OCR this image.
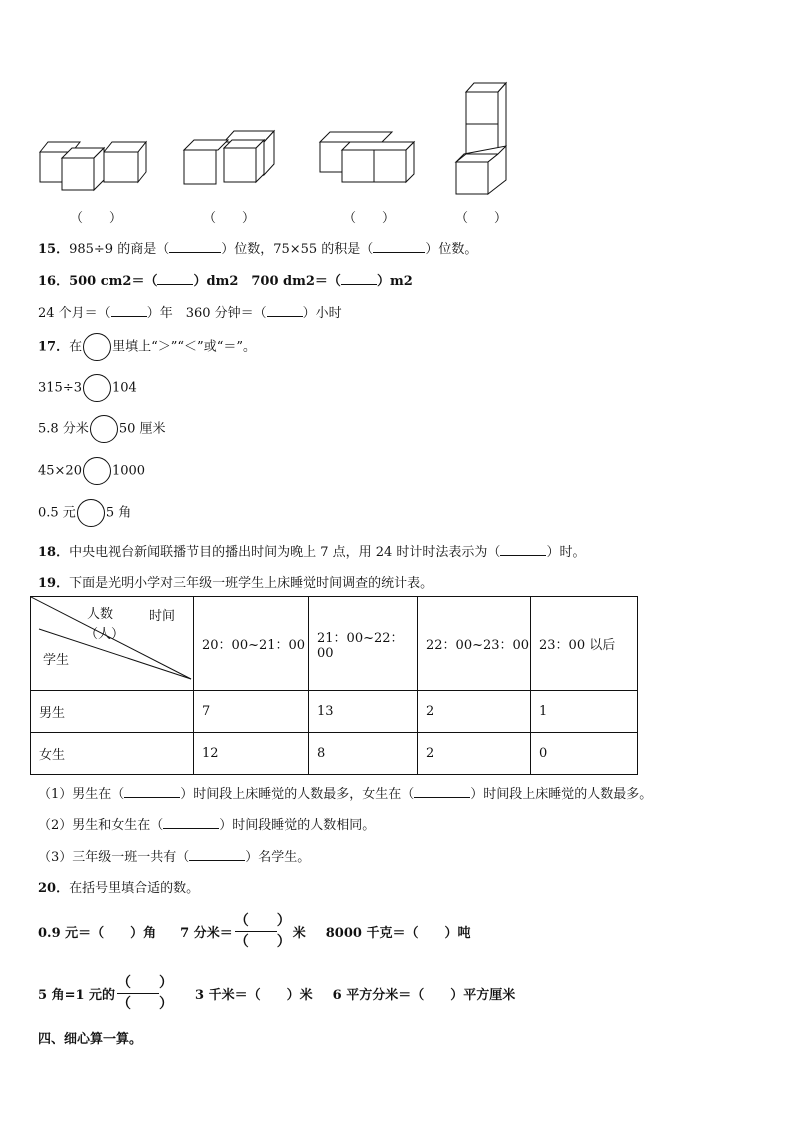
（　　）	（　　）	（　　）	（　　）
15．985÷9 的商是（	）位数，75×55 的积是（	）位数。
16．500 cm2＝（	）dm2　700 dm2＝（	）m2
24 个月＝（	）年　360 分钟＝（	）小时
17．在 里填上“＞”“＜”或“＝”。
315÷3 104
5.8 分米 50 厘米
45×20 1000
0.5 元 5 角
18．中央电视台新闻联播节目的播出时间为晚上 7 点，用 24 时计时法表示为（	）时。
19．下面是光明小学对三年级一班学生上床睡觉时间调查的统计表。
人数
（人）
时间
学生	20：00~21：00	21：00~22：00	22：00~23：00	23：00 以后
男生	7	13	2	1
女生	12	8	2	0
（1）男生在（	）时间段上床睡觉的人数最多，女生在（	）时间段上床睡觉的人数最多。
（2）男生和女生在（	）时间段睡觉的人数相同。
（3）三年级一班一共有（	）名学生。
20．在括号里填合适的数。
0.9 元＝（　　）角 7 分米＝ $\frac{( )}{( )}$ 米 8000 千克＝（　　）吨
5 角=1 元的 $\frac{( )}{( )} 3$ 千米＝（　　）米 6 平方分米＝（　　）平方厘米
四、细心算一算。
